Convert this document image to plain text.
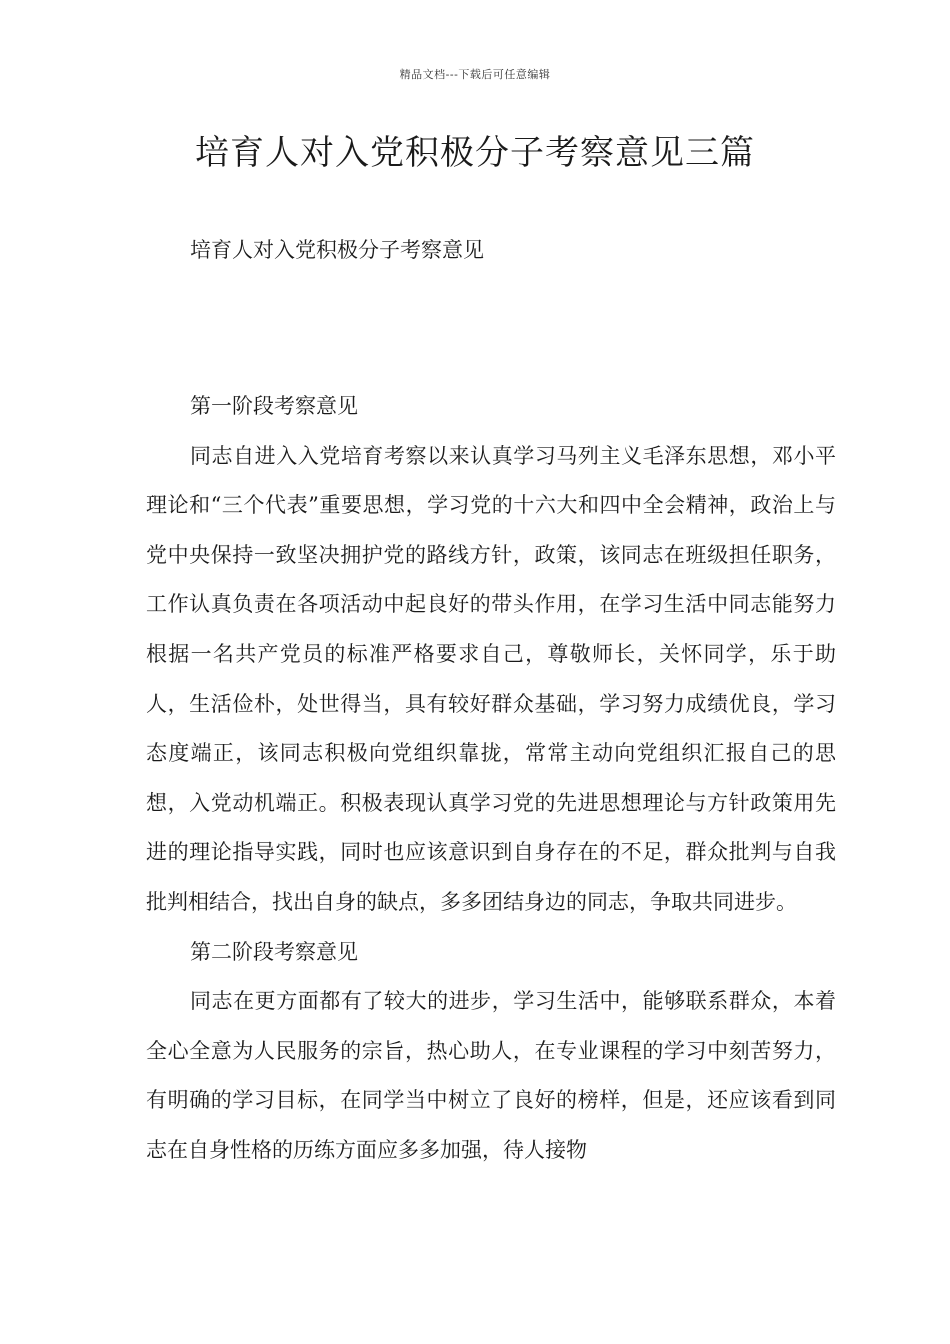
精品文档---下载后可任意编辑
培育人对入党积极分子考察意见三篇

培育人对入党积极分子考察意见

第一阶段考察意见

同志自进入入党培育考察以来认真学习马列主义毛泽东思想，邓小平理论和“三个代表”重要思想，学习党的十六大和四中全会精神，政治上与党中央保持一致坚决拥护党的路线方针，政策，该同志在班级担任职务，工作认真负责在各项活动中起良好的带头作用，在学习生活中同志能努力根据一名共产党员的标准严格要求自己，尊敬师长，关怀同学，乐于助人，生活俭朴，处世得当，具有较好群众基础，学习努力成绩优良，学习态度端正，该同志积极向党组织靠拢，常常主动向党组织汇报自己的思想，入党动机端正。积极表现认真学习党的先进思想理论与方针政策用先进的理论指导实践，同时也应该意识到自身存在的不足，群众批判与自我批判相结合，找出自身的缺点，多多团结身边的同志，争取共同进步。

第二阶段考察意见

同志在更方面都有了较大的进步，学习生活中，能够联系群众，本着全心全意为人民服务的宗旨，热心助人，在专业课程的学习中刻苦努力，有明确的学习目标，在同学当中树立了良好的榜样，但是，还应该看到同志在自身性格的历练方面应多多加强，待人接物
